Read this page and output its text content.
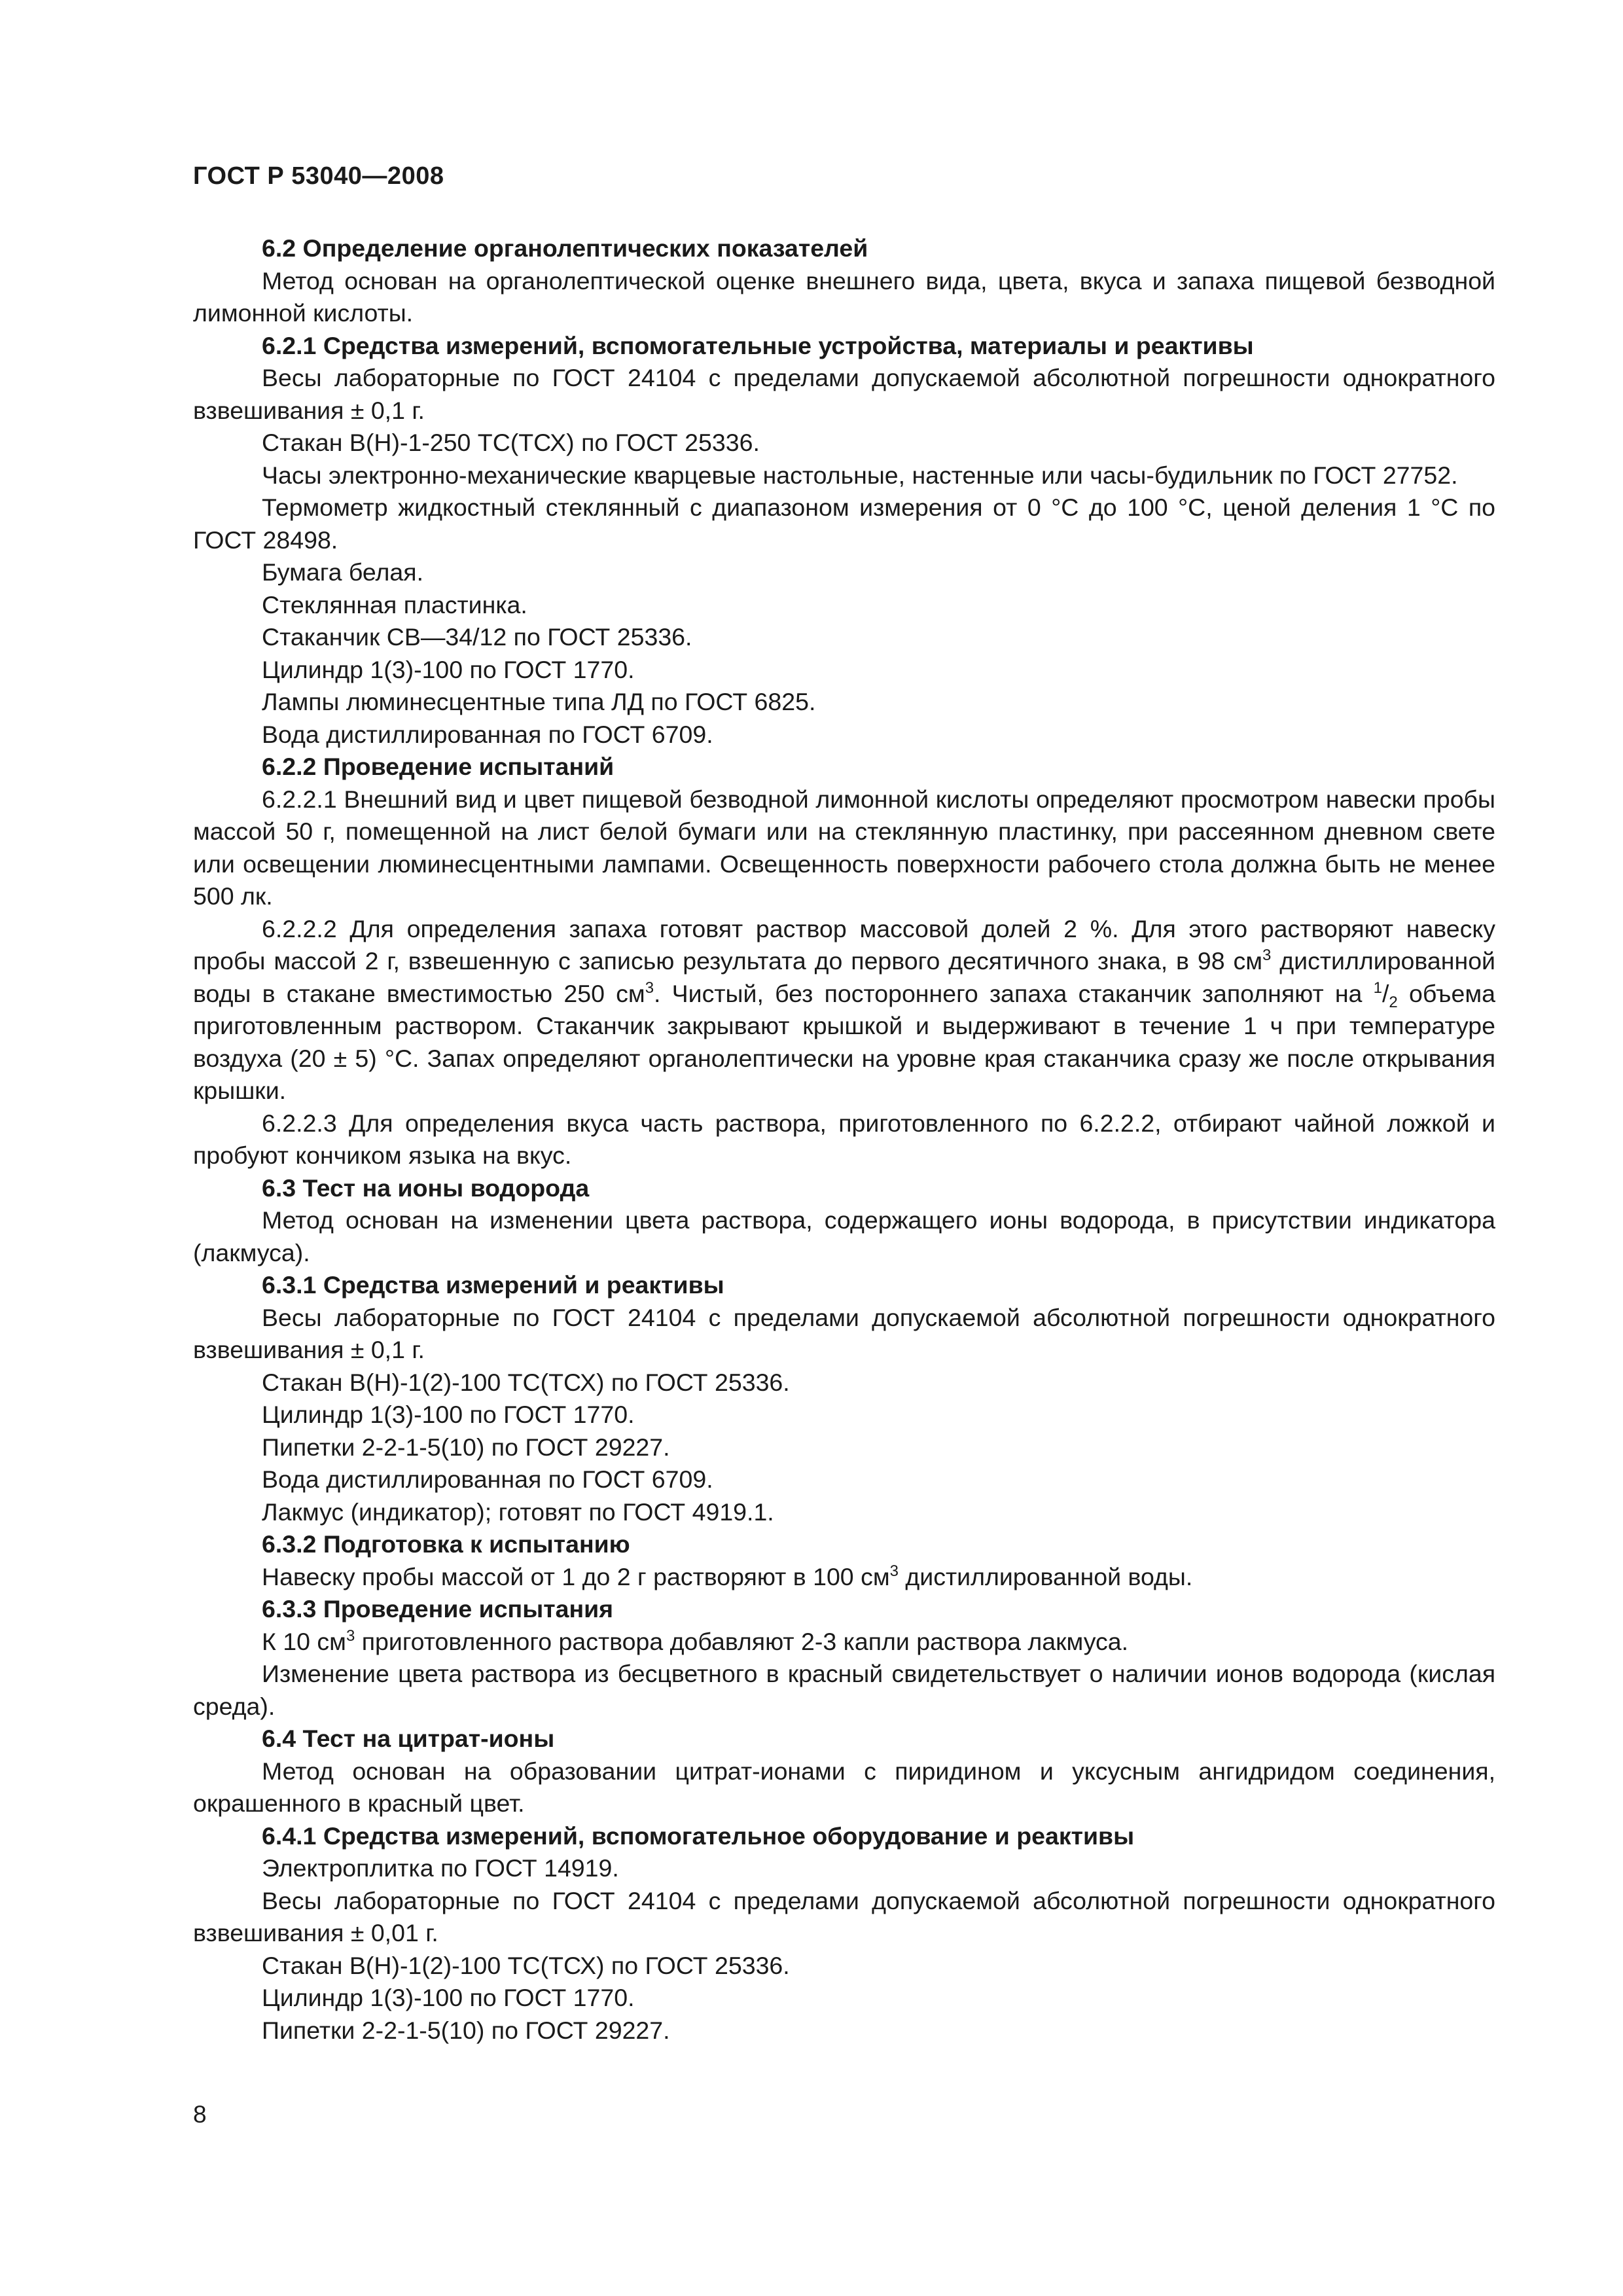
ГОСТ Р 53040—2008

6.2 Определение органолептических показателей

Метод основан на органолептической оценке внешнего вида, цвета, вкуса и запаха пищевой безводной лимонной кислоты.

6.2.1 Средства измерений, вспомогательные устройства, материалы и реактивы

Весы лабораторные по ГОСТ 24104 с пределами допускаемой абсолютной погрешности однократного взвешивания ± 0,1 г.

Стакан В(Н)-1-250 ТС(ТСХ) по ГОСТ 25336.

Часы электронно-механические кварцевые настольные, настенные или часы-будильник по ГОСТ 27752.

Термометр жидкостный стеклянный с диапазоном измерения от 0 °С до 100 °С, ценой деления 1 °С по ГОСТ 28498.

Бумага белая.

Стеклянная пластинка.

Стаканчик СВ—34/12 по ГОСТ 25336.

Цилиндр 1(3)-100 по ГОСТ 1770.

Лампы люминесцентные типа ЛД по ГОСТ 6825.

Вода дистиллированная по ГОСТ 6709.

6.2.2 Проведение испытаний

6.2.2.1 Внешний вид и цвет пищевой безводной лимонной кислоты определяют просмотром навески пробы массой 50 г, помещенной на лист белой бумаги или на стеклянную пластинку, при рассеянном дневном свете или освещении люминесцентными лампами. Освещенность поверхности рабочего стола должна быть не менее 500 лк.

6.2.2.2 Для определения запаха готовят раствор массовой долей 2 %. Для этого растворяют навеску пробы массой 2 г, взвешенную с записью результата до первого десятичного знака, в 98 $см^3$ дистиллированной воды в стакане вместимостью 250 $см^3$. Чистый, без постороннего запаха стаканчик заполняют на $^1/_2$ объема приготовленным раствором. Стаканчик закрывают крышкой и выдерживают в течение 1 ч при температуре воздуха (20 ± 5) °С. Запах определяют органолептически на уровне края стаканчика сразу же после открывания крышки.

6.2.2.3 Для определения вкуса часть раствора, приготовленного по 6.2.2.2, отбирают чайной ложкой и пробуют кончиком языка на вкус.

6.3 Тест на ионы водорода

Метод основан на изменении цвета раствора, содержащего ионы водорода, в присутствии индикатора (лакмуса).

6.3.1 Средства измерений и реактивы

Весы лабораторные по ГОСТ 24104 с пределами допускаемой абсолютной погрешности однократного взвешивания ± 0,1 г.

Стакан В(Н)-1(2)-100 ТС(ТСХ) по ГОСТ 25336.

Цилиндр 1(3)-100 по ГОСТ 1770.

Пипетки 2-2-1-5(10) по ГОСТ 29227.

Вода дистиллированная по ГОСТ 6709.

Лакмус (индикатор); готовят по ГОСТ 4919.1.

6.3.2 Подготовка к испытанию

Навеску пробы массой от 1 до 2 г растворяют в 100 $см^3$ дистиллированной воды.

6.3.3 Проведение испытания

К 10 $см^3$ приготовленного раствора добавляют 2-3 капли раствора лакмуса.

Изменение цвета раствора из бесцветного в красный свидетельствует о наличии ионов водорода (кислая среда).

6.4 Тест на цитрат-ионы

Метод основан на образовании цитрат-ионами с пиридином и уксусным ангидридом соединения, окрашенного в красный цвет.

6.4.1 Средства измерений, вспомогательное оборудование и реактивы

Электроплитка по ГОСТ 14919.

Весы лабораторные по ГОСТ 24104 с пределами допускаемой абсолютной погрешности однократного взвешивания ± 0,01 г.

Стакан В(Н)-1(2)-100 ТС(ТСХ) по ГОСТ 25336.

Цилиндр 1(3)-100 по ГОСТ 1770.

Пипетки 2-2-1-5(10) по ГОСТ 29227.

8
